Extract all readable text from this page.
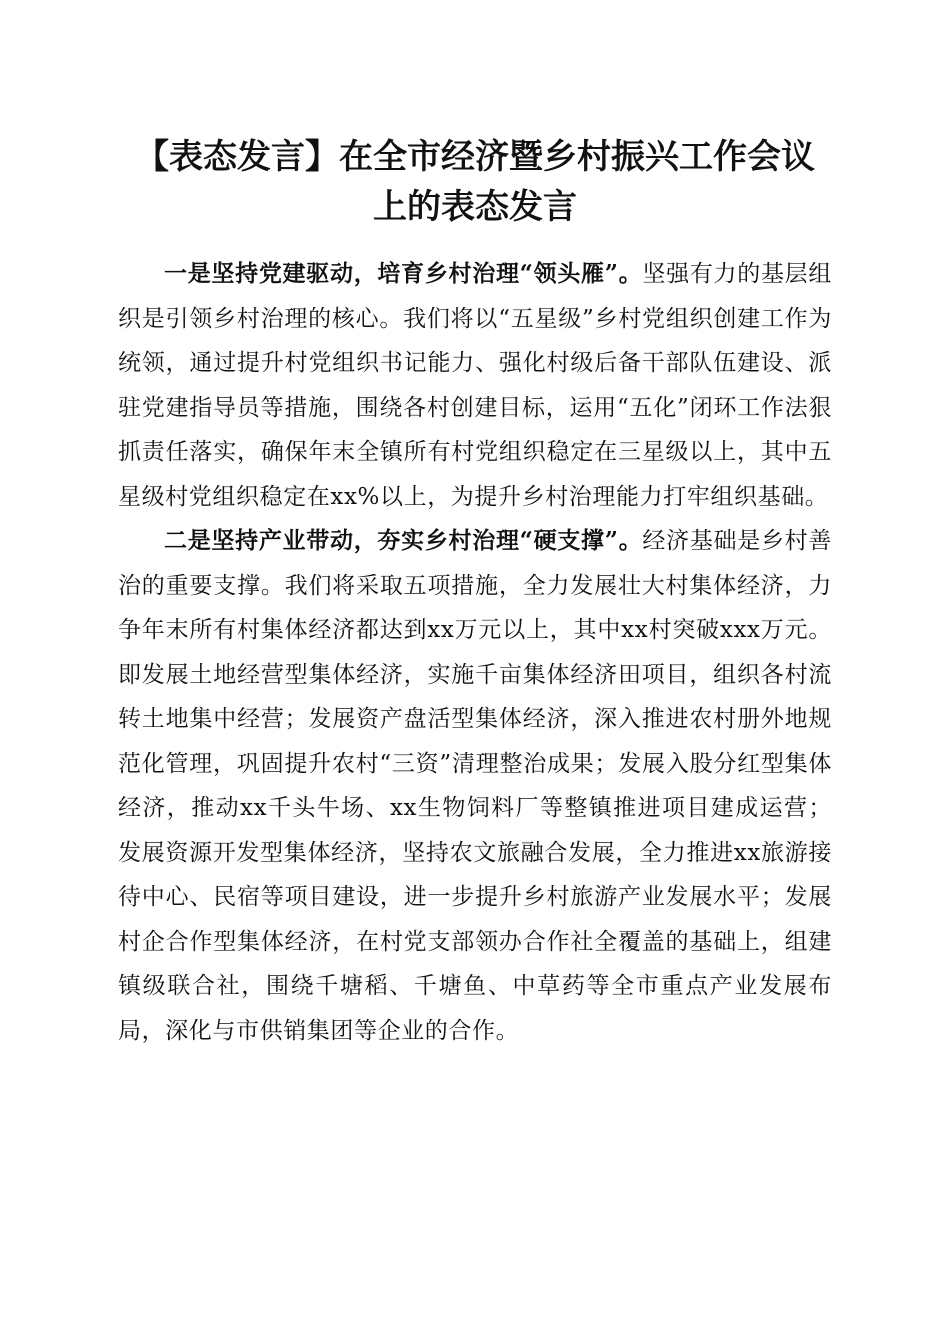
【表态发言】在全市经济暨乡村振兴工作会议
上的表态发言

一是坚持党建驱动，培育乡村治理“领头雁”。坚强有力的基层组织是引领乡村治理的核心。我们将以“五星级”乡村党组织创建工作为统领，通过提升村党组织书记能力、强化村级后备干部队伍建设、派驻党建指导员等措施，围绕各村创建目标，运用“五化”闭环工作法狠抓责任落实，确保年末全镇所有村党组织稳定在三星级以上，其中五星级村党组织稳定在xx%以上，为提升乡村治理能力打牢组织基础。

二是坚持产业带动，夯实乡村治理“硬支撑”。经济基础是乡村善治的重要支撑。我们将采取五项措施，全力发展壮大村集体经济，力争年末所有村集体经济都达到xx万元以上，其中xx村突破xxx万元。即发展土地经营型集体经济，实施千亩集体经济田项目，组织各村流转土地集中经营；发展资产盘活型集体经济，深入推进农村册外地规范化管理，巩固提升农村“三资”清理整治成果；发展入股分红型集体经济，推动xx千头牛场、xx生物饲料厂等整镇推进项目建成运营；发展资源开发型集体经济，坚持农文旅融合发展，全力推进xx旅游接待中心、民宿等项目建设，进一步提升乡村旅游产业发展水平；发展村企合作型集体经济，在村党支部领办合作社全覆盖的基础上，组建镇级联合社，围绕千塘稻、千塘鱼、中草药等全市重点产业发展布局，深化与市供销集团等企业的合作。
